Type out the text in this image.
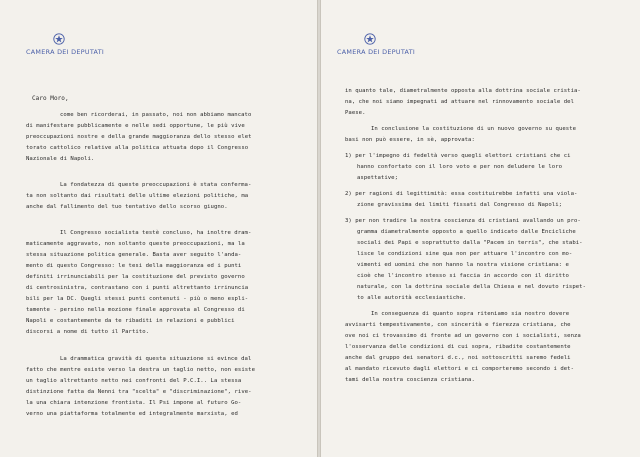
CAMERA DEI DEPUTATI
Caro Moro,
come ben ricorderai, in passato, noi non abbiamo mancato
di manifestare pubblicamente e nelle sedi opportune, le più vive
preoccupazioni nostre e della grande maggioranza dello stesso elet
torato cattolico relative alla politica attuata dopo il Congresso
Nazionale di Napoli.
La fondatezza di queste preoccupazioni è stata conferma-
ta non soltanto dai risultati delle ultime elezioni politiche, ma
anche dal fallimento del tuo tentativo dello scorso giugno.
Il Congresso socialista testè concluso, ha inoltre dram-
maticamente aggravato, non soltanto queste preoccupazioni, ma la
stessa situazione politica generale. Basta aver seguito l'anda-
mento di questo Congresso: le tesi della maggioranza ed i punti
definiti irrinunciabili per la costituzione del previsto governo
di centrosinistra, contrastano con i punti altrettanto irrinuncia
bili per la DC. Quegli stessi punti contenuti - più o meno espli-
tamente - persino nella mozione finale approvata al Congresso di
Napoli e costantemente da te ribaditi in relazioni e pubblici
discorsi a nome di tutto il Partito.
La drammatica gravità di questa situazione si evince dal
fatto che mentre esiste verso la destra un taglio netto, non esiste
un taglio altrettanto netto nei confronti del P.C.I.. La stessa
distinzione fatta da Nenni tra "scelta" e "discriminazione", rive-
la una chiara intenzione frontista. Il Psi impone al futuro Go-
verno una piattaforma totalmente ed integralmente marxista, ed
CAMERA DEI DEPUTATI
in quanto tale, diametralmente opposta alla dottrina sociale cristia-
na, che noi siamo impegnati ad attuare nel rinnovamento sociale del
Paese.
In conclusione la costituzione di un nuovo governo su queste
basi non può essere, in sè, approvata:
1) per l'impegno di fedeltà verso quegli elettori cristiani che ci
hanno confortato con il loro voto e per non deludere le loro
aspettative;
2) per ragioni di legittimità: essa costituirebbe infatti una viola-
zione gravissima dei limiti fissati dal Congresso di Napoli;
3) per non tradire la nostra coscienza di cristiani avallando un pro-
gramma diametralmente opposto a quello indicato dalle Encicliche
sociali dei Papi e soprattutto dalla "Pacem in terris", che stabi-
lisce le condizioni sine qua non per attuare l'incontro con mo-
vimenti ed uomini che non hanno la nostra visione cristiana: e
cioè che l'incontro stesso si faccia in accordo con il diritto
naturale, con la dottrina sociale della Chiesa e nel dovuto rispet-
to alle autorità ecclesiastiche.
In conseguenza di quanto sopra riteniamo sia nostro dovere
avvisarti tempestivamente, con sincerità e fierezza cristiana, che
ove noi ci trovassimo di fronte ad un governo con i socialisti, senza
l'osservanza delle condizioni di cui sopra, ribadite costantemente
anche dal gruppo dei senatori d.c., noi sottoscritti saremo fedeli
al mandato ricevuto dagli elettori e ci comporteremo secondo i det-
tami della nostra coscienza cristiana.
